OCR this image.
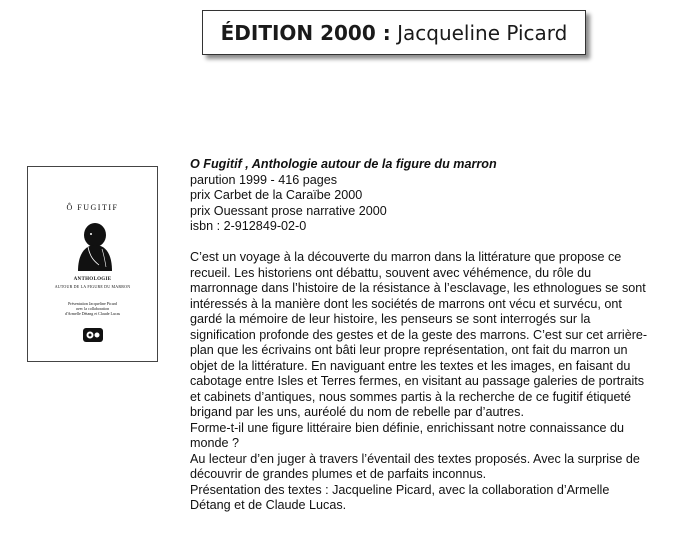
ÉDITION 2000 :
Jacqueline Picard
Ô FUGITIF
ANTHOLOGIE
AUTOUR DE LA FIGURE DU MARRON
Présentation Jacqueline Picard
avec la collaboration
d'Armelle Détang et Claude Lucas
O Fugitif , Anthologie autour de la figure du marron
parution 1999 - 416 pages
prix Carbet de la Caraïbe 2000
prix Ouessant prose narrative 2000
isbn : 2-912849-02-0
C’est un voyage à la découverte du marron dans la littérature que propose ce
recueil. Les historiens ont débattu, souvent avec véhémence, du rôle du
marronnage dans l’histoire de la résistance à l’esclavage, les ethnologues se sont
intéressés à la manière dont les sociétés de marrons ont vécu et survécu, ont
gardé la mémoire de leur histoire, les penseurs se sont interrogés sur la
signification profonde des gestes et de la geste des marrons. C’est sur cet arrière-
plan que les écrivains ont bâti leur propre représentation, ont fait du marron un
objet de la littérature. En naviguant entre les textes et les images, en faisant du
cabotage entre Isles et Terres fermes, en visitant au passage galeries de portraits
et cabinets d’antiques, nous sommes partis à la recherche de ce fugitif étiqueté
brigand par les uns, auréolé du nom de rebelle par d’autres.
Forme-t-il une figure littéraire bien définie, enrichissant notre connaissance du
monde ?
Au lecteur d’en juger à travers l’éventail des textes proposés. Avec la surprise de
découvrir de grandes plumes et de parfaits inconnus.
Présentation des textes : Jacqueline Picard, avec la collaboration d’Armelle
Détang et de Claude Lucas.
